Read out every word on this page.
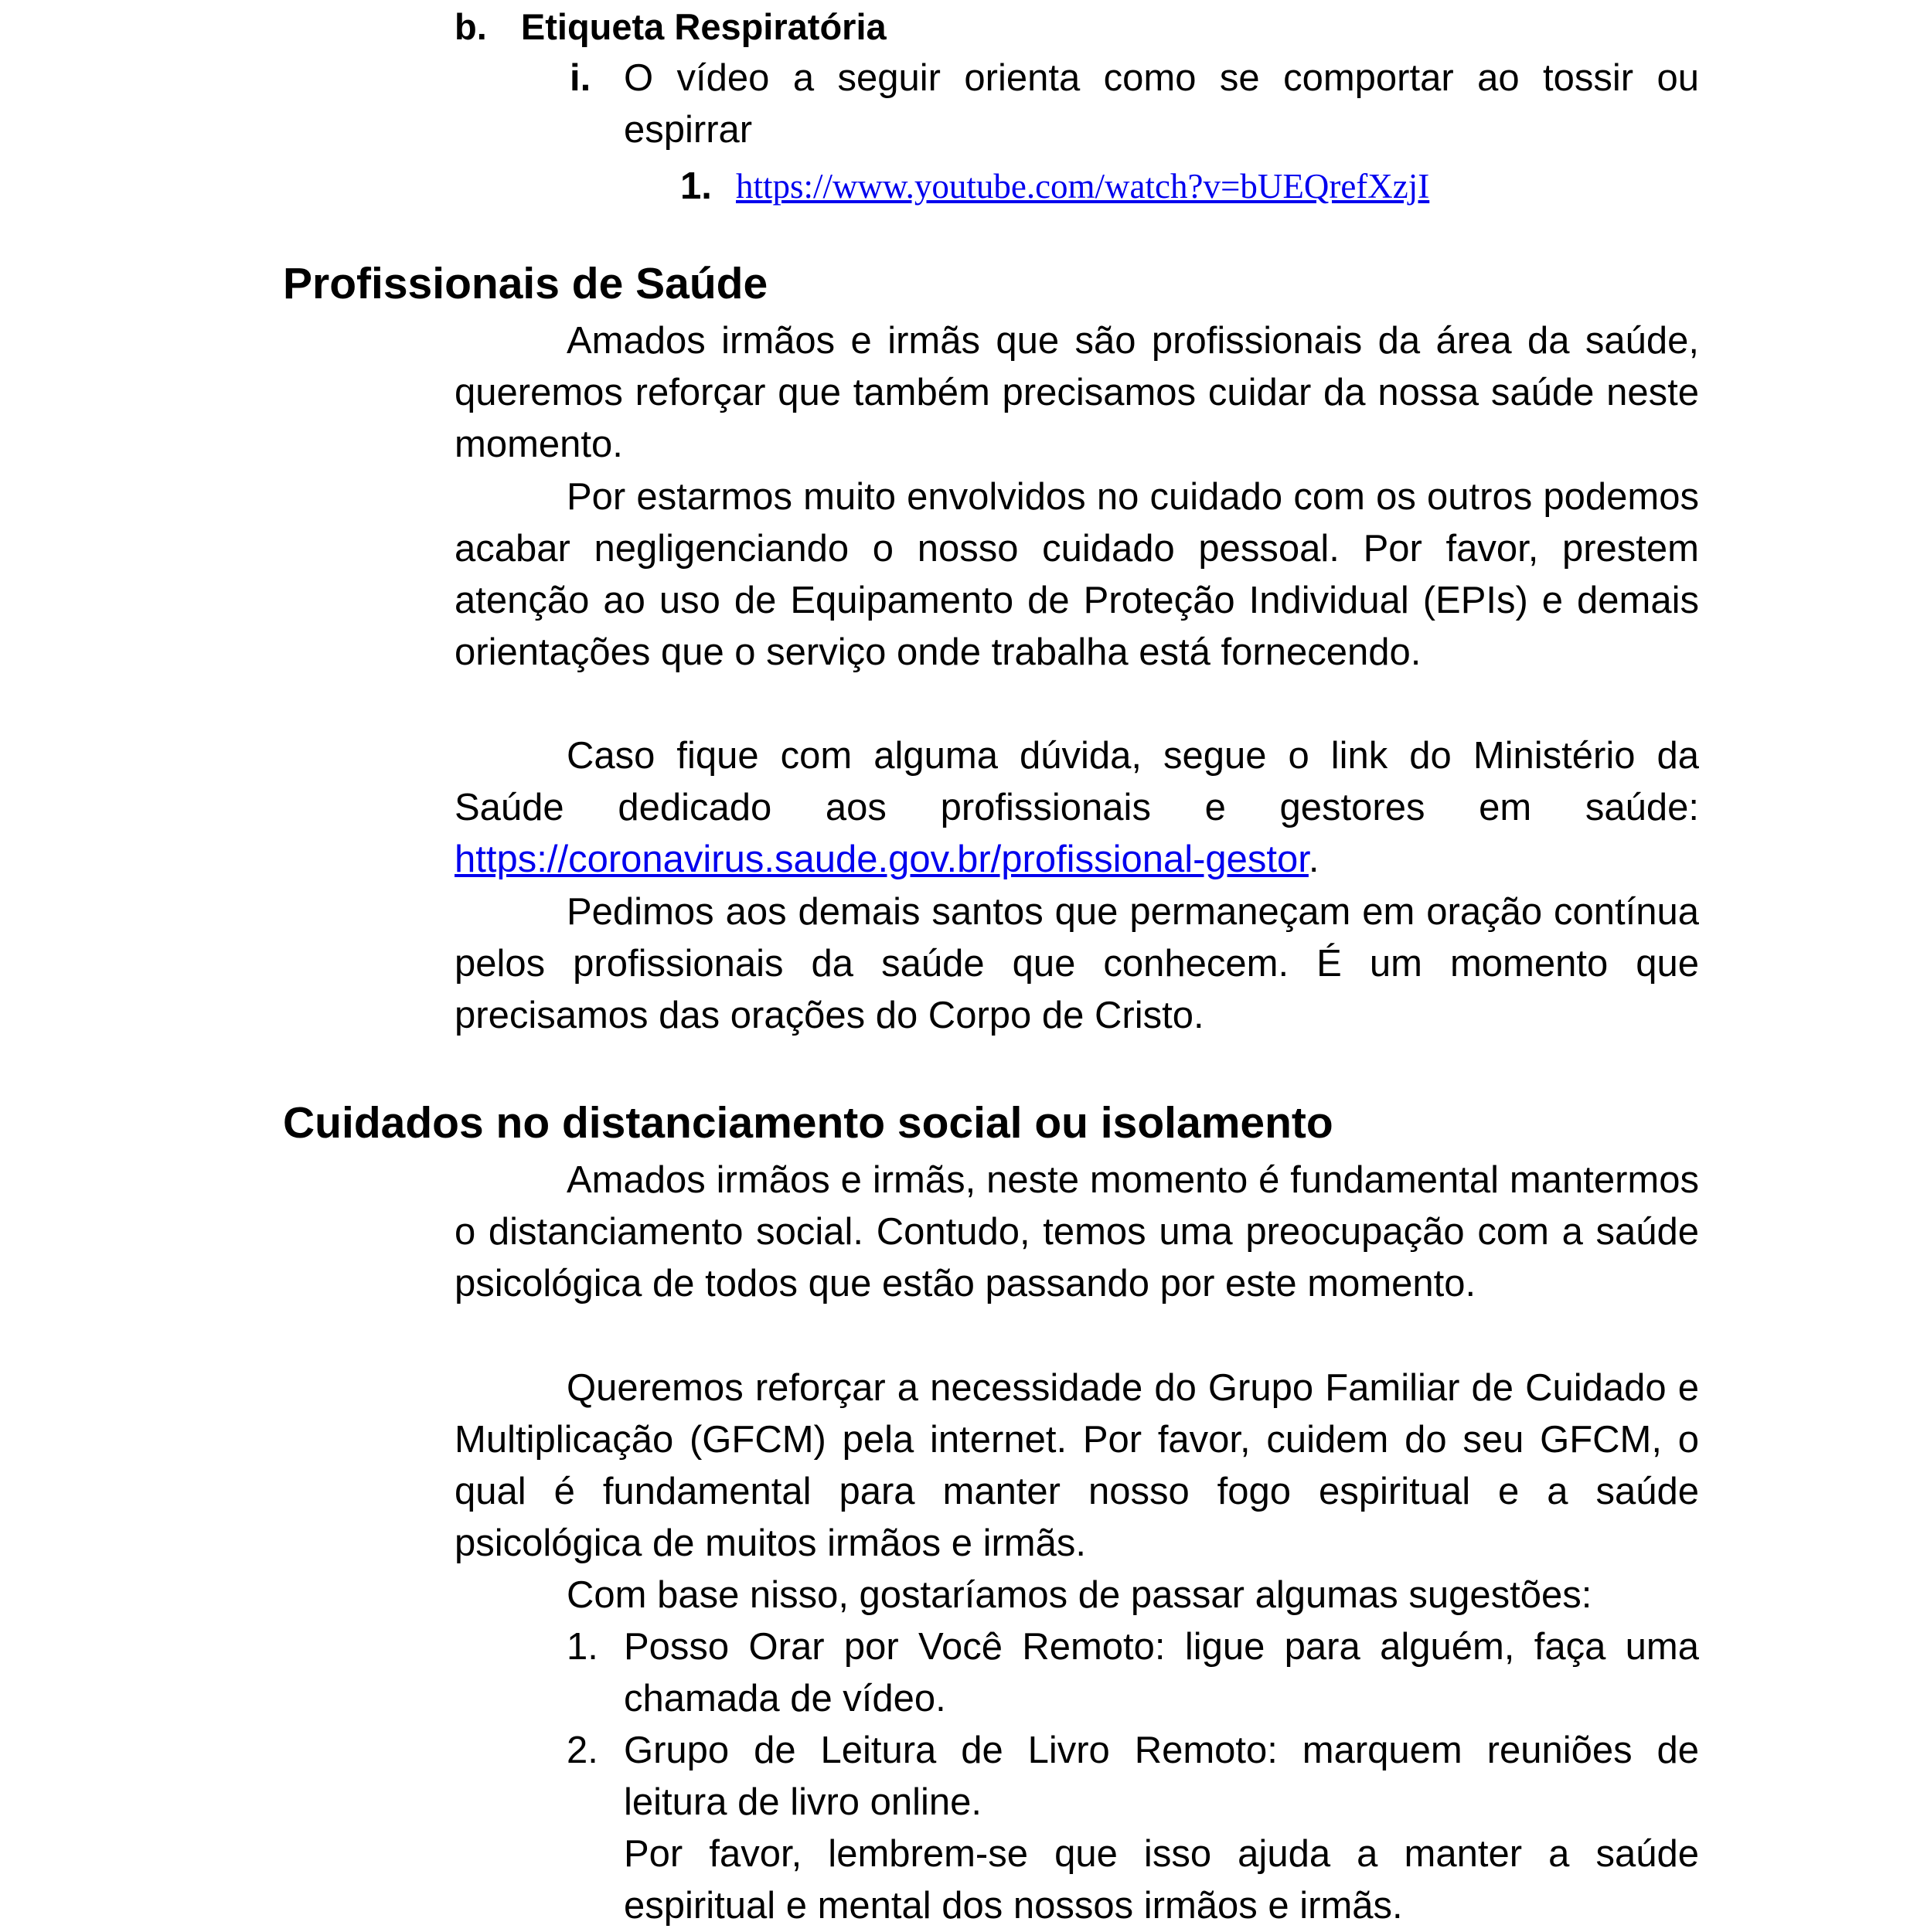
b. Etiqueta Respiratória
i. O vídeo a seguir orienta como se comportar ao tossir ou espirrar

1. https://www.youtube.com/watch?v=bUEQrefXzjI
Profissionais de Saúde

Amados irmãos e irmãs que são profissionais da área da saúde, queremos reforçar que também precisamos cuidar da nossa saúde neste momento.

Por estarmos muito envolvidos no cuidado com os outros podemos acabar negligenciando o nosso cuidado pessoal. Por favor, prestem atenção ao uso de Equipamento de Proteção Individual (EPIs) e demais orientações que o serviço onde trabalha está fornecendo.

Caso fique com alguma dúvida, segue o link do Ministério da Saúde dedicado aos profissionais e gestores em saúde: https://coronavirus.saude.gov.br/profissional-gestor.

Pedimos aos demais santos que permaneçam em oração contínua pelos profissionais da saúde que conhecem. É um momento que precisamos das orações do Corpo de Cristo.

Cuidados no distanciamento social ou isolamento

Amados irmãos e irmãs, neste momento é fundamental mantermos o distanciamento social. Contudo, temos uma preocupação com a saúde psicológica de todos que estão passando por este momento.

Queremos reforçar a necessidade do Grupo Familiar de Cuidado e Multiplicação (GFCM) pela internet. Por favor, cuidem do seu GFCM, o qual é fundamental para manter nosso fogo espiritual e a saúde psicológica de muitos irmãos e irmãs.

Com base nisso, gostaríamos de passar algumas sugestões:

1. Posso Orar por Você Remoto: ligue para alguém, faça uma chamada de vídeo.

2. Grupo de Leitura de Livro Remoto: marquem reuniões de leitura de livro online.

Por favor, lembrem-se que isso ajuda a manter a saúde espiritual e mental dos nossos irmãos e irmãs.
